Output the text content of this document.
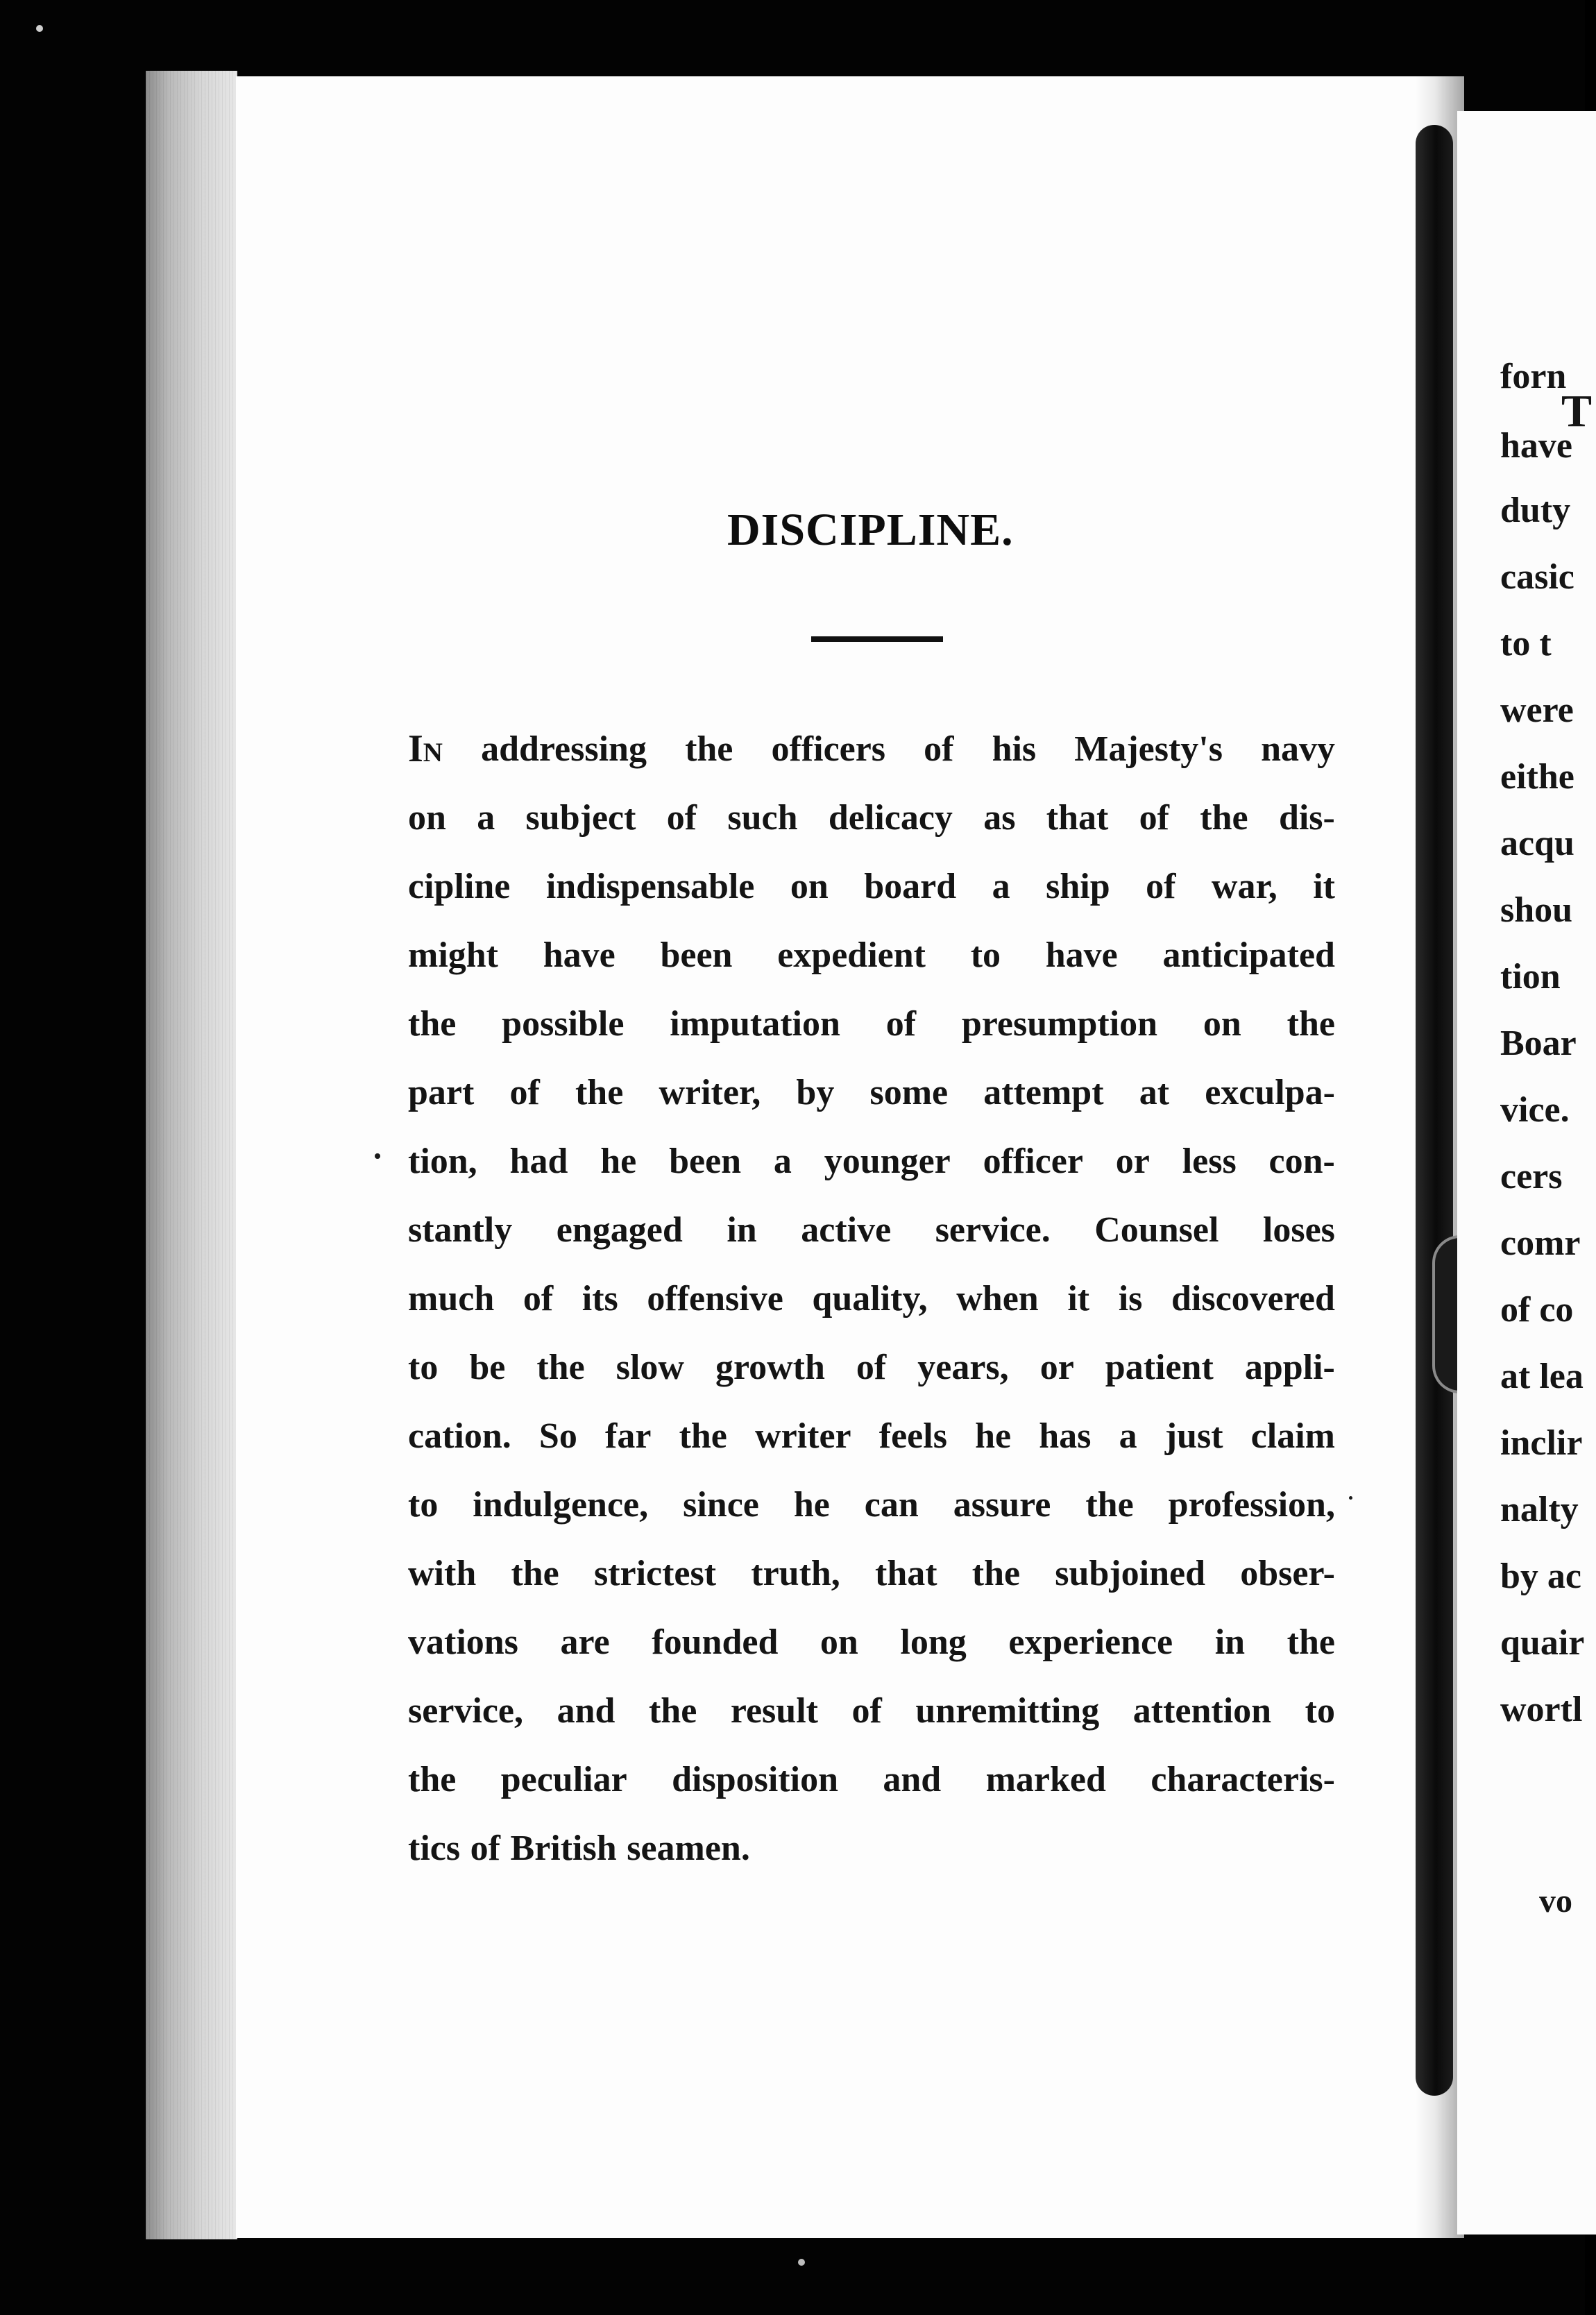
T
forn
have
duty
casic
to t
were
eithe
acqu
shou
tion
Boar
vice.
cers
comr
of co
at lea
inclir
nalty
by ac
quair
wortl
vo
DISCIPLINE.
In addressing the officers of his Majesty's navy
on a subject of such delicacy as that of the dis-
cipline indispensable on board a ship of war, it
might have been expedient to have anticipated
the possible imputation of presumption on the
part of the writer, by some attempt at exculpa-
tion, had he been a younger officer or less con-
stantly engaged in active service. Counsel loses
much of its offensive quality, when it is discovered
to be the slow growth of years, or patient appli-
cation. So far the writer feels he has a just claim
to indulgence, since he can assure the profession,
with the strictest truth, that the subjoined obser-
vations are founded on long experience in the
service, and the result of unremitting attention to
the peculiar disposition and marked characteris-
tics of British seamen.
